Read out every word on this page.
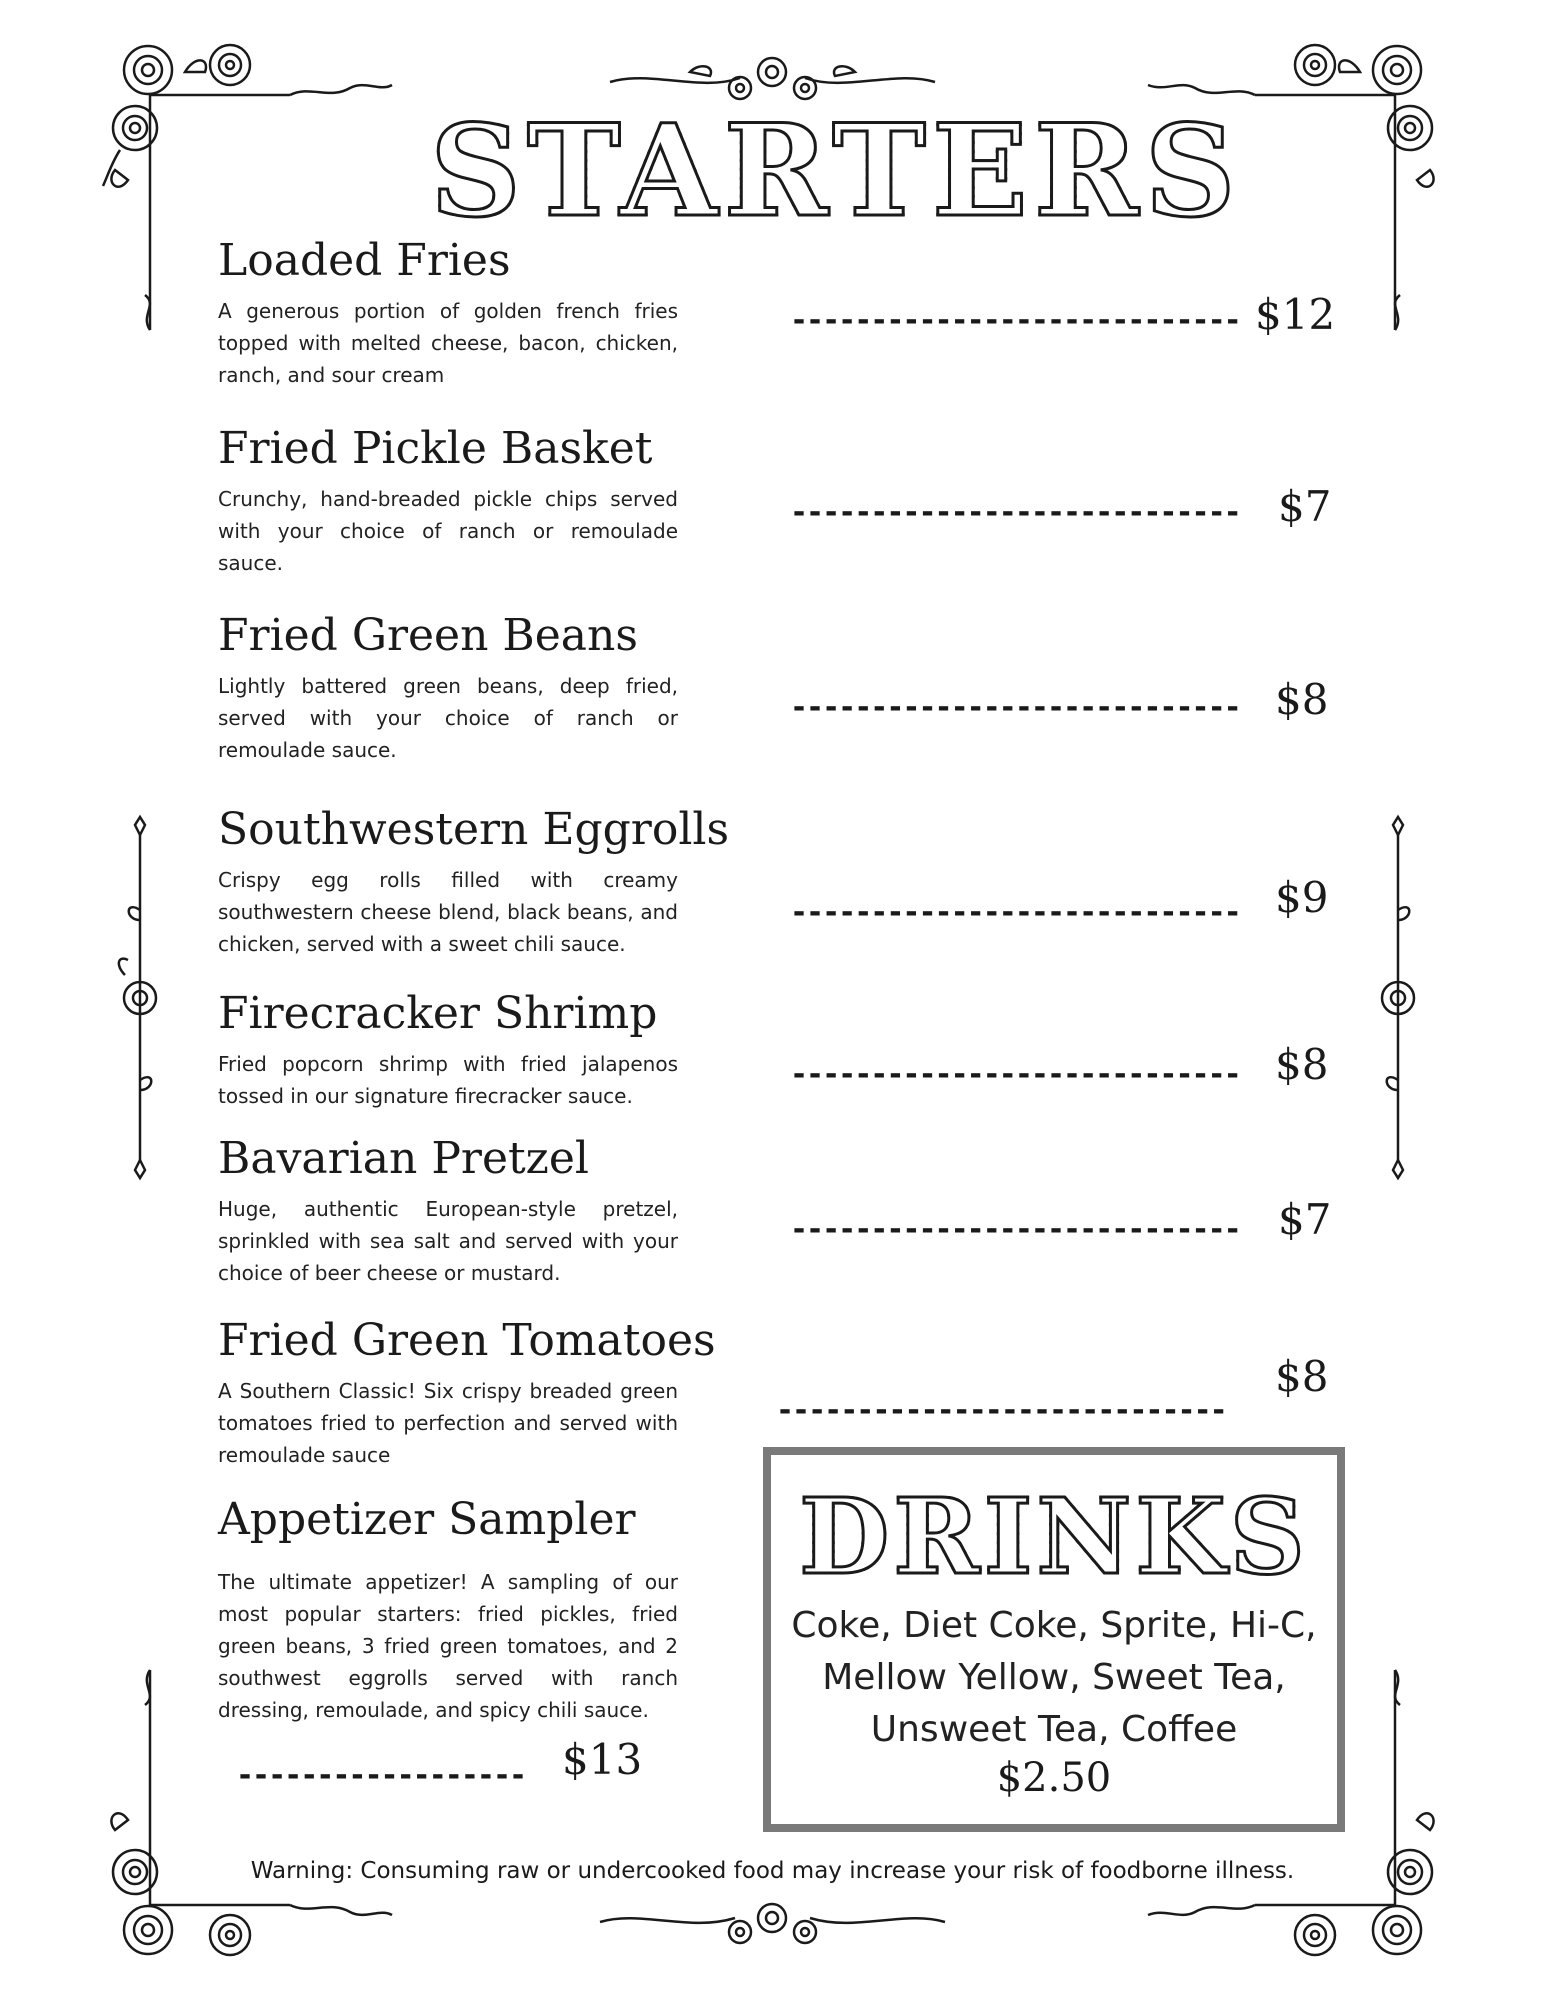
STARTERS
Loaded Fries

A generous portion of golden french fries topped with melted cheese, bacon, chicken, ranch, and sour cream

---------------------------- $12
Fried Pickle Basket

Crunchy, hand-breaded pickle chips served with your choice of ranch or remoulade sauce.

---------------------------- $7
Fried Green Beans

Lightly battered green beans, deep fried, served with your choice of ranch or remoulade sauce.

---------------------------- $8
Southwestern Eggrolls

Crispy egg rolls filled with creamy southwestern cheese blend, black beans, and chicken, served with a sweet chili sauce.

---------------------------- $9
Firecracker Shrimp

Fried popcorn shrimp with fried jalapenos tossed in our signature firecracker sauce.

---------------------------- $8
Bavarian Pretzel

Huge, authentic European-style pretzel, sprinkled with sea salt and served with your choice of beer cheese or mustard.

---------------------------- $7
Fried Green Tomatoes

A Southern Classic! Six crispy breaded green tomatoes fried to perfection and served with remoulade sauce

----------------------------
$8
Appetizer Sampler

The ultimate appetizer! A sampling of our most popular starters: fried pickles, fried green beans, 3 fried green tomatoes, and 2 southwest eggrolls served with ranch dressing, remoulade, and spicy chili sauce.

------------------ $13
DRINKS
Coke, Diet Coke, Sprite, Hi-C, Mellow Yellow, Sweet Tea, Unsweet Tea, Coffee
$2.50
Warning: Consuming raw or undercooked food may increase your risk of foodborne illness.
